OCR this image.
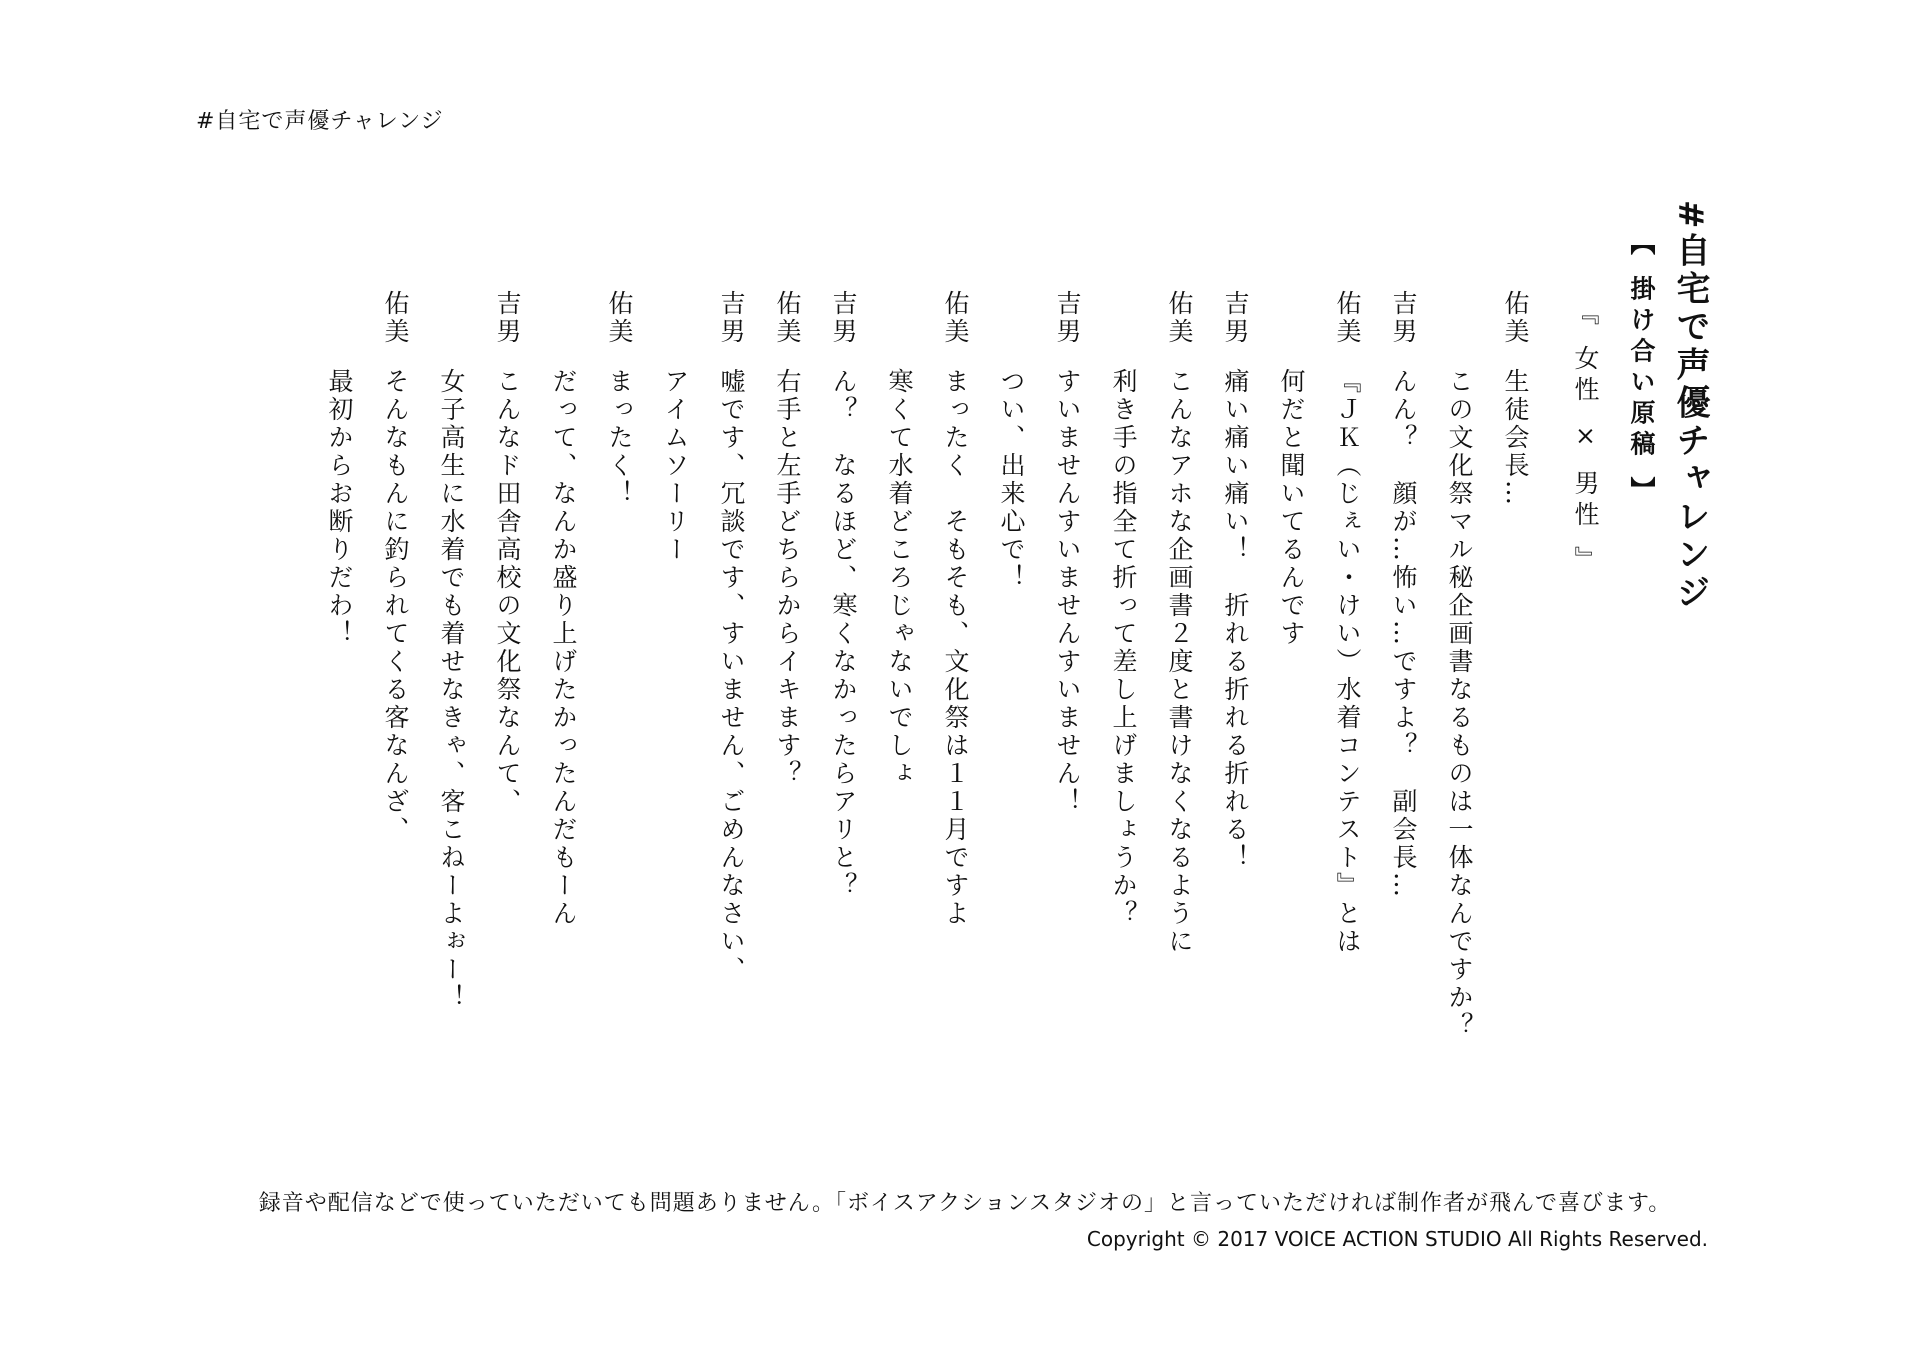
#自宅で声優チャレンジ
#自宅で声優チャレンジ
【 掛け合い原稿 】
『 女性 × 男性 』
佑美
生徒会長…
この文化祭マル秘企画書なるものは一体なんですか？
吉男
んん？　顔が…怖い…ですよ？　副会長…
佑美
『ＪＫ（じぇい・けい）水着コンテスト』とは
何だと聞いてるんです
吉男
痛い痛い痛い！　折れる折れる折れる！
佑美
こんなアホな企画書２度と書けなくなるように
利き手の指全て折って差し上げましょうか？
吉男
すいませんすいませんすいません！
つい、出来心で！
佑美
まったく　そもそも、文化祭は１１月ですよ
寒くて水着どころじゃないでしょ
吉男
ん？　なるほど、寒くなかったらアリと？
佑美
右手と左手どちらからイキます？
吉男
嘘です、冗談です、すいません、ごめんなさい、
アイムソーリー
佑美
まったく！
だって、なんか盛り上げたかったんだもーん
吉男
こんなド田舎高校の文化祭なんて、
女子高生に水着でも着せなきゃ、客こねーよぉー！
佑美
そんなもんに釣られてくる客なんざ、
最初からお断りだわ！
録音や配信などで使っていただいても問題ありません。「ボイスアクションスタジオの」と言っていただければ制作者が飛んで喜びます。
Copyright © 2017 VOICE ACTION STUDIO All Rights Reserved.
